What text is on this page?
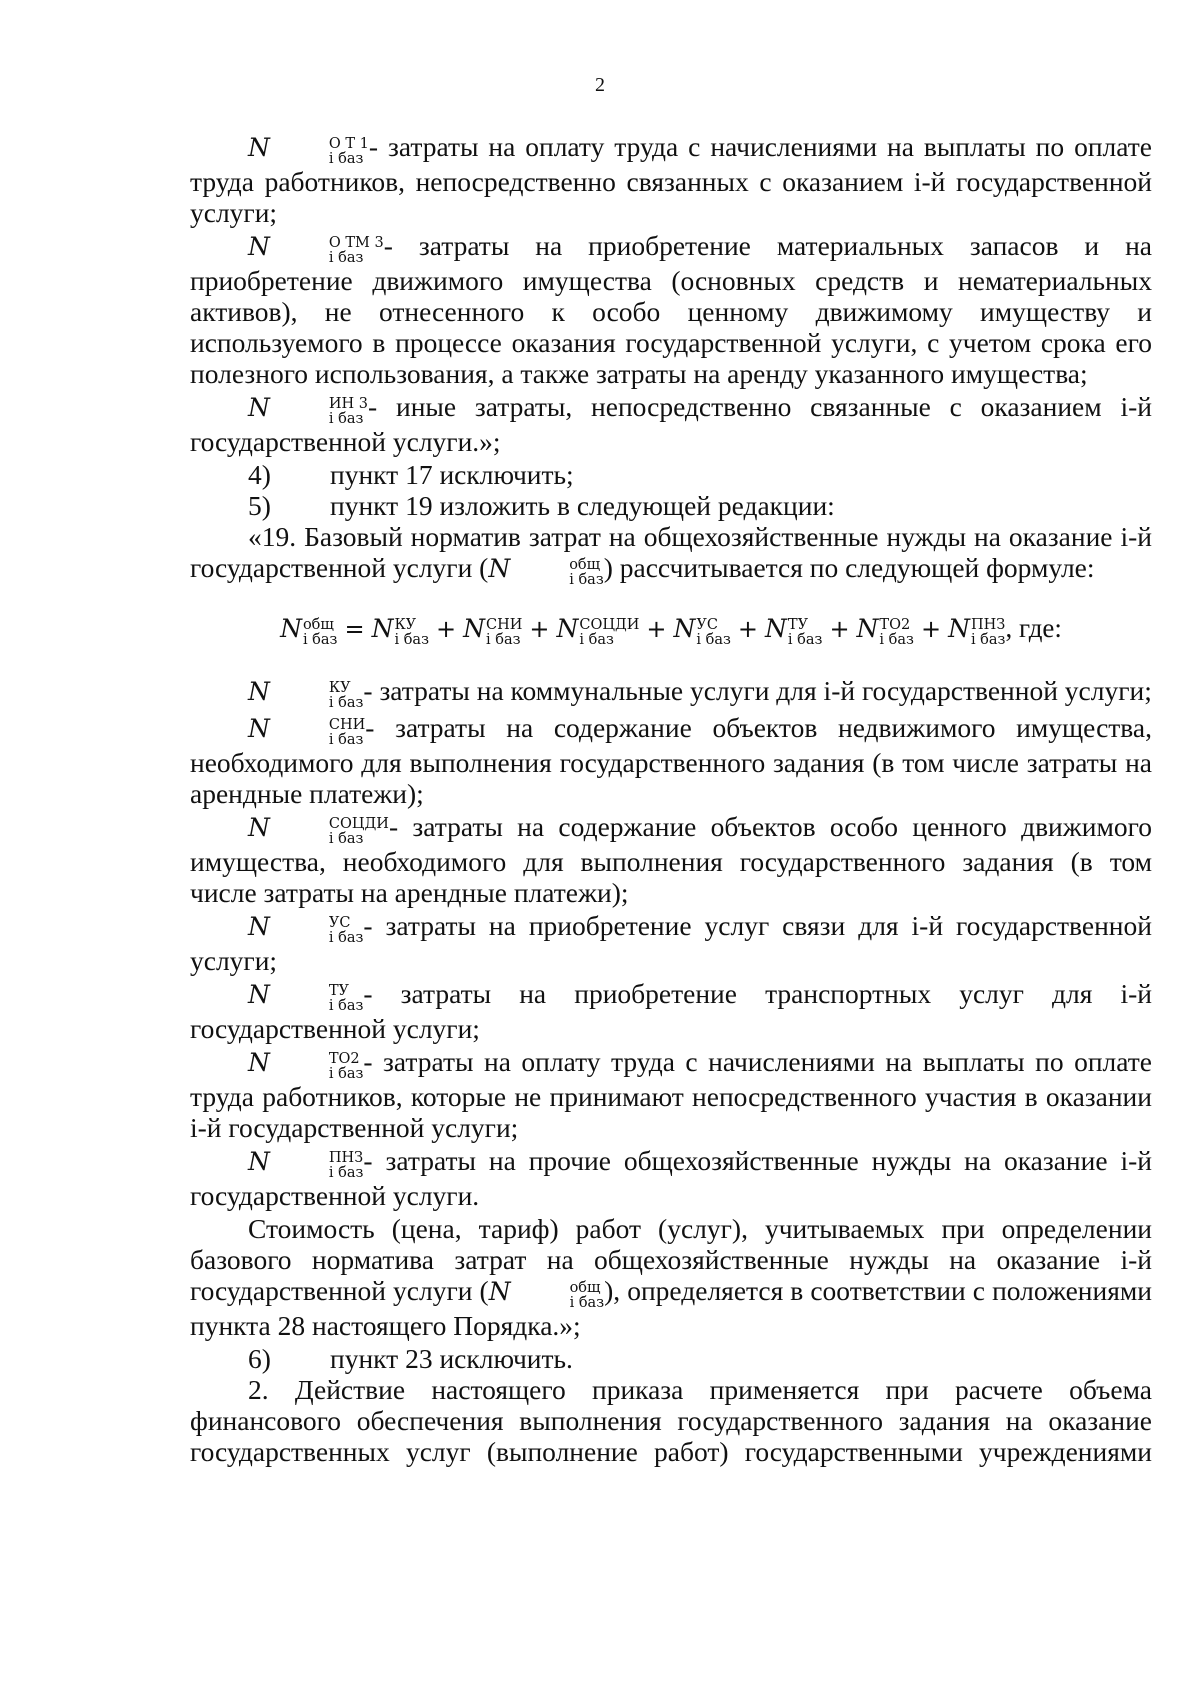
2

N	О Т 1
i баз - затраты на оплату труда с начислениями на выплаты по оплате труда работников, непосредственно связанных с оказанием i-й государственной услуги;

N	О ТМ 3
i баз - затраты на приобретение материальных запасов и на приобретение движимого имущества (основных средств и нематериальных активов), не отнесенного к особо ценному движимому имуществу и используемого в процессе оказания государственной услуги, с учетом срока его полезного использования, а также затраты на аренду указанного имущества;

N	ИН 3
i баз - иные затраты, непосредственно связанные с оказанием i-й государственной услуги.»;

4)	пункт 17 исключить;
5)	пункт 19 изложить в следующей редакции:

«19. Базовый норматив затрат на общехозяйственные нужды на оказание i-й государственной услуги (N	общ
i баз ) рассчитывается по следующей формуле:

N общ
i баз = N КУ
i баз + N СНИ
i баз + N СОЦДИ
i баз	+ N УС
i баз + N ТУ
i баз + N ТО2
i баз + N ПНЗ
i баз , где:

N	КУ
i баз - затраты на коммунальные услуги для i-й государственной услуги;

N	СНИ
i баз - затраты на содержание объектов недвижимого имущества, необходимого для выполнения государственного задания (в том числе затраты на арендные платежи);

N	СОЦДИ
i баз - затраты на содержание объектов особо ценного движимого имущества, необходимого для выполнения государственного задания (в том числе затраты на арендные платежи);

N	УС
i баз - затраты на приобретение услуг связи для i-й государственной услуги;

N	ТУ
i баз - затраты на приобретение транспортных услуг для i-й государственной услуги;

N	ТО2
i баз - затраты на оплату труда с начислениями на выплаты по оплате труда работников, которые не принимают непосредственного участия в оказании i-й государственной услуги;

N	ПНЗ
i баз - затраты на прочие общехозяйственные нужды на оказание i-й государственной услуги.

Стоимость (цена, тариф) работ (услуг), учитываемых при определении базового норматива затрат на общехозяйственные нужды на оказание i-й государственной услуги (N	общ
i баз ), определяется в соответствии с положениями пункта 28 настоящего Порядка.»;

6)	пункт 23 исключить.

2. Действие настоящего приказа применяется при расчете объема финансового обеспечения выполнения государственного задания на оказание государственных услуг (выполнение работ) государственными учреждениями
